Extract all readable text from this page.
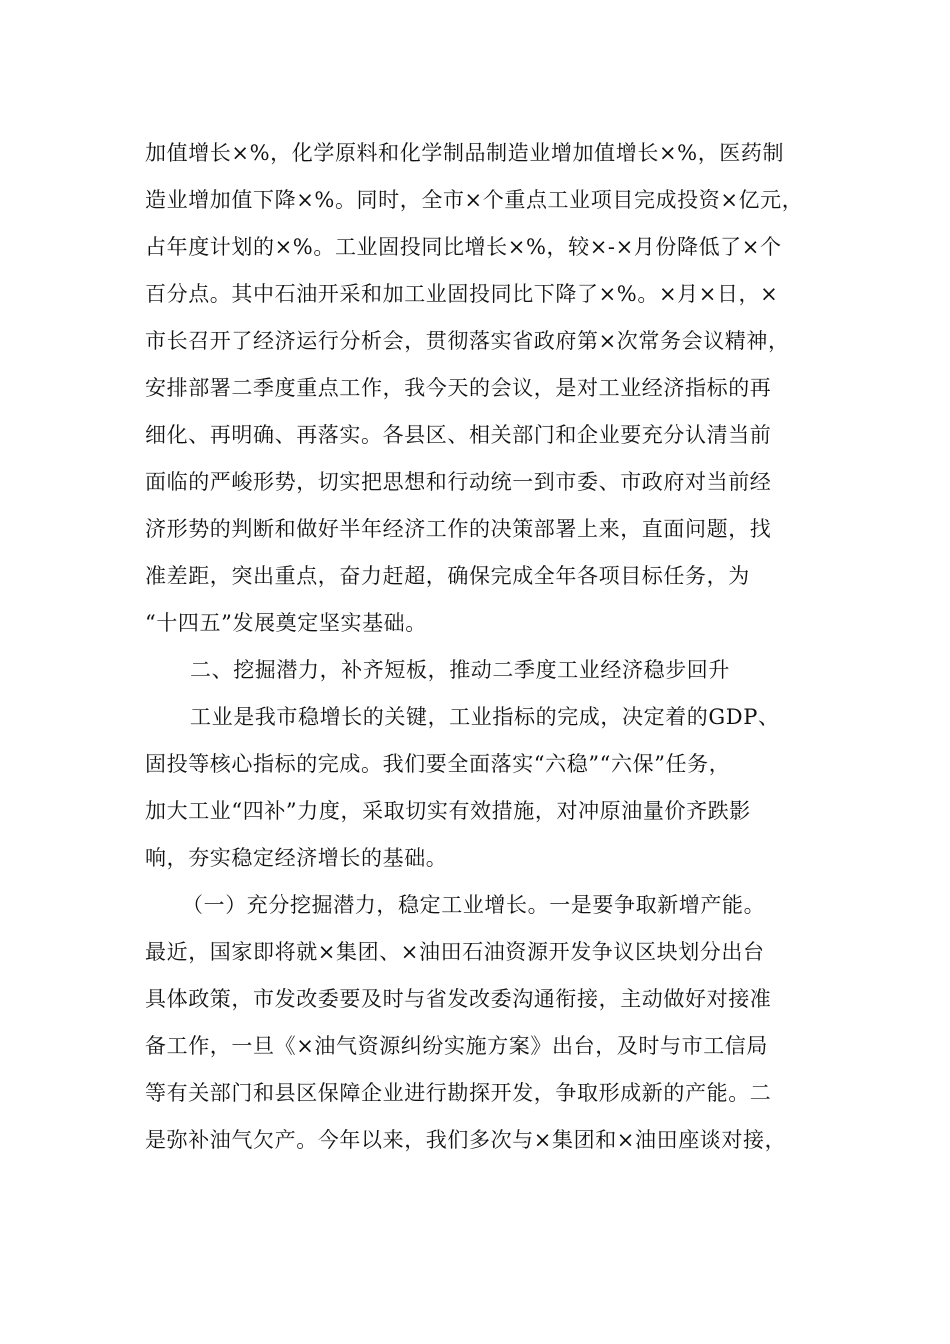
加值增长×%，化学原料和化学制品制造业增加值增长×%，医药制
造业增加值下降×%。同时，全市×个重点工业项目完成投资×亿元，
占年度计划的×%。工业固投同比增长×%，较×-×月份降低了×个
百分点。其中石油开采和加工业固投同比下降了×%。×月×日，×
市长召开了经济运行分析会，贯彻落实省政府第×次常务会议精神，
安排部署二季度重点工作，我今天的会议，是对工业经济指标的再
细化、再明确、再落实。各县区、相关部门和企业要充分认清当前
面临的严峻形势，切实把思想和行动统一到市委、市政府对当前经
济形势的判断和做好半年经济工作的决策部署上来，直面问题，找
准差距，突出重点，奋力赶超，确保完成全年各项目标任务，为
“十四五”发展奠定坚实基础。
二、挖掘潜力，补齐短板，推动二季度工业经济稳步回升
工业是我市稳增长的关键，工业指标的完成，决定着的GDP、
固投等核心指标的完成。我们要全面落实“六稳”“六保”任务，
加大工业“四补”力度，采取切实有效措施，对冲原油量价齐跌影
响，夯实稳定经济增长的基础。
（一）充分挖掘潜力，稳定工业增长。一是要争取新增产能。
最近，国家即将就×集团、×油田石油资源开发争议区块划分出台
具体政策，市发改委要及时与省发改委沟通衔接，主动做好对接准
备工作，一旦《×油气资源纠纷实施方案》出台，及时与市工信局
等有关部门和县区保障企业进行勘探开发，争取形成新的产能。二
是弥补油气欠产。今年以来，我们多次与×集团和×油田座谈对接，
